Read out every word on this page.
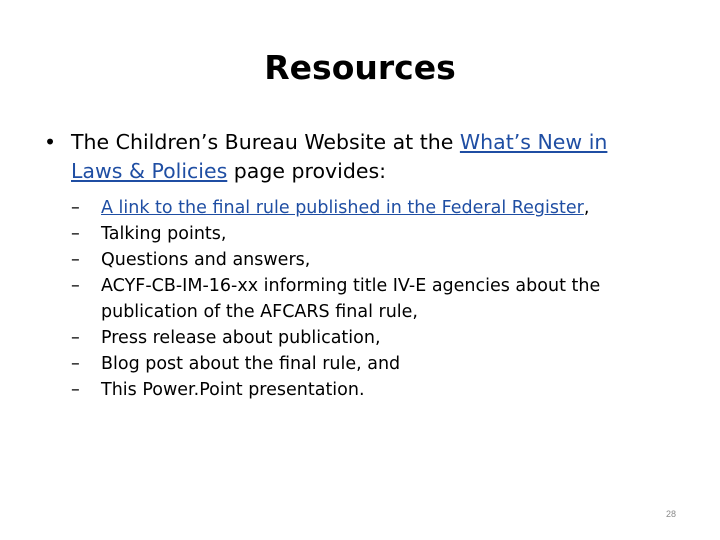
Resources
• The Children’s Bureau Website at the What’s New in Laws & Policies page provides:
– A link to the final rule published in the Federal Register,
– Talking points,
– Questions and answers,
– ACYF-CB-IM-16-xx informing title IV-E agencies about the publication of the AFCARS final rule,
– Press release about publication,
– Blog post about the final rule, and
– This Power.Point presentation.
28
